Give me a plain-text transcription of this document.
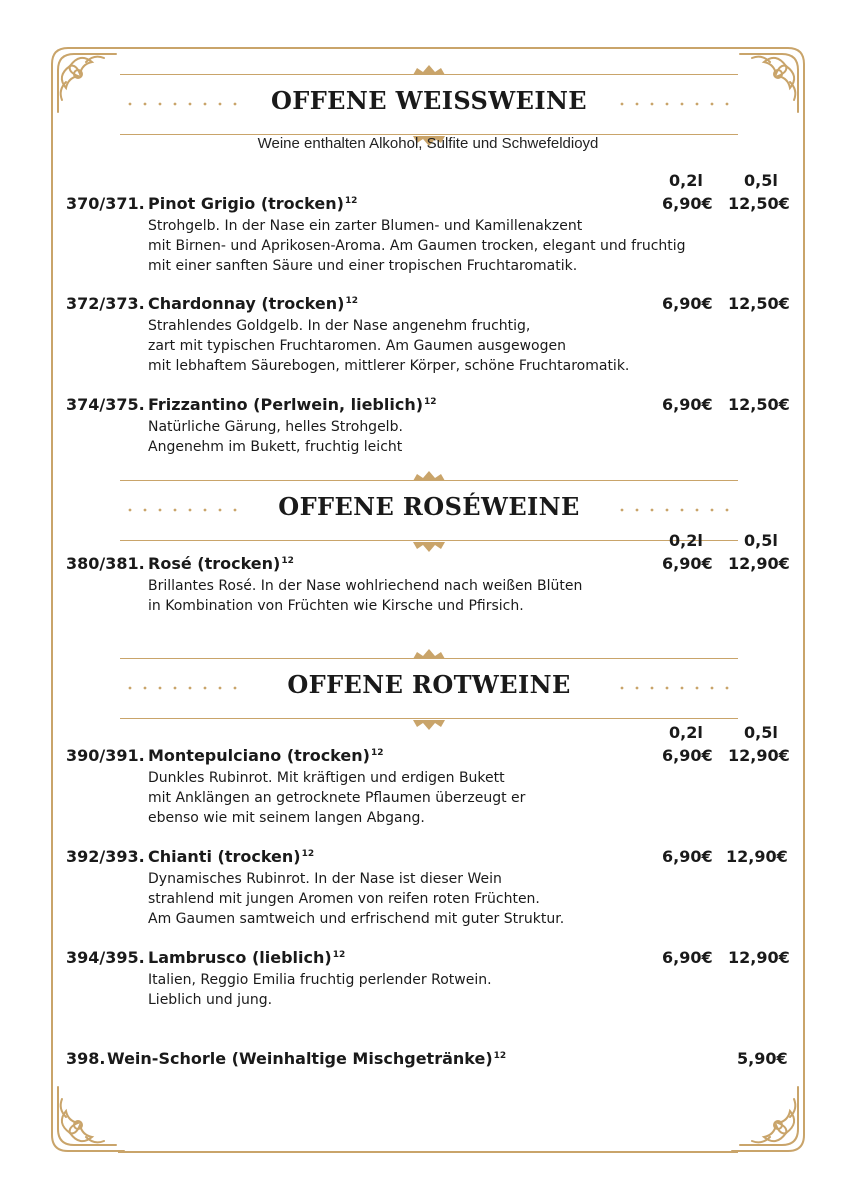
OFFENE WEISSWEINE
Weine enthalten Alkohol, Sulfite und Schwefeldioyd
0,2l	0,5l
370/371. Pinot Grigio (trocken)$^{12}$	6,90€ 12,50€
Strohgelb. In der Nase ein zarter Blumen- und Kamillenakzent
mit Birnen- und Aprikosen-Aroma. Am Gaumen trocken, elegant und fruchtig
mit einer sanften Säure und einer tropischen Fruchtaromatik.
372/373. Chardonnay (trocken)$^{12}$	6,90€ 12,50€
Strahlendes Goldgelb. In der Nase angenehm fruchtig,
zart mit typischen Fruchtaromen. Am Gaumen ausgewogen
mit lebhaftem Säurebogen, mittlerer Körper, schöne Fruchtaromatik.
374/375. Frizzantino (Perlwein, lieblich)$^{12}$	6,90€ 12,50€
Natürliche Gärung, helles Strohgelb.
Angenehm im Bukett, fruchtig leicht
OFFENE ROSÉWEINE
0,2l	0,5l
380/381. Rosé (trocken)$^{12}$	6,90€ 12,90€
Brillantes Rosé. In der Nase wohlriechend nach weißen Blüten
in Kombination von Früchten wie Kirsche und Pfirsich.
OFFENE ROTWEINE
0,2l	0,5l
390/391. Montepulciano (trocken)$^{12}$	6,90€ 12,90€
Dunkles Rubinrot. Mit kräftigen und erdigen Bukett
mit Anklängen an getrocknete Pflaumen überzeugt er
ebenso wie mit seinem langen Abgang.
392/393. Chianti (trocken)$^{12}$	6,90€ 12,90€
Dynamisches Rubinrot. In der Nase ist dieser Wein
strahlend mit jungen Aromen von reifen roten Früchten.
Am Gaumen samtweich und erfrischend mit guter Struktur.
394/395. Lambrusco (lieblich)$^{12}$	6,90€ 12,90€
Italien, Reggio Emilia fruchtig perlender Rotwein.
Lieblich und jung.
398. Wein-Schorle (Weinhaltige Mischgetränke)$^{12}$	5,90€
